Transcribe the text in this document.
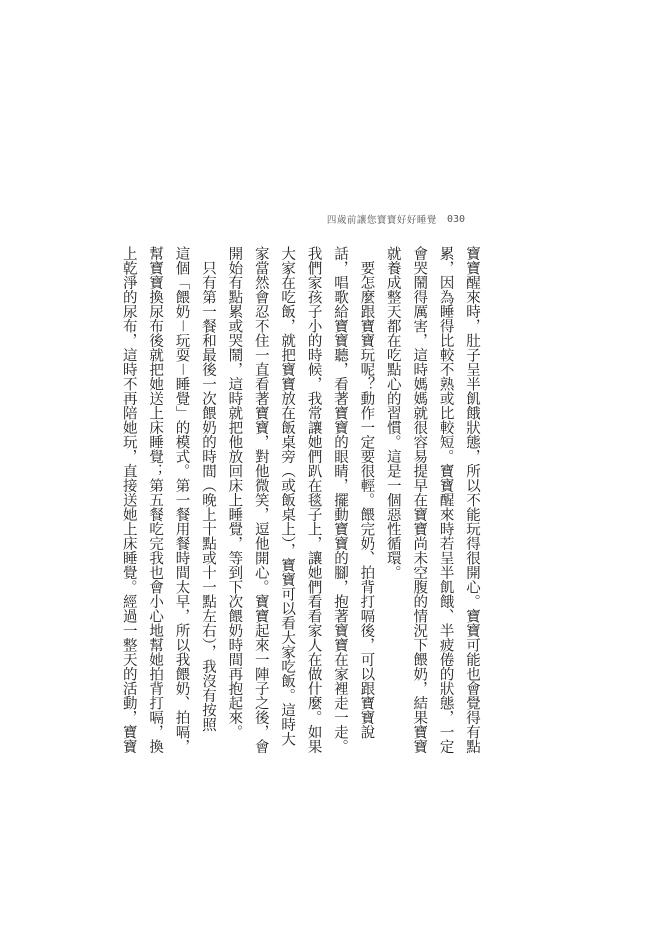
四歲前讓您寶寶好好睡覺 030
寶寶醒來時，肚子呈半飢餓狀態，所以不能玩得很開心。寶寶可能也會覺得有點
累，因為睡得比較不熟或比較短。寶寶醒來時若呈半飢餓、半疲倦的狀態，一定
會哭鬧得厲害，這時媽媽就很容易提早在寶寶尚未空腹的情況下餵奶，結果寶寶
就養成整天都在吃點心的習慣。這是一個惡性循環。
　要怎麼跟寶寶玩呢？動作一定要很輕。餵完奶、拍背打嗝後，可以跟寶寶說
話，唱歌給寶寶聽，看著寶寶的眼睛，擺動寶寶的腳，抱著寶寶在家裡走一走。
我們家孩子小的時候，我常讓她們趴在毯子上，讓她們看看家人在做什麼。如果
大家在吃飯，就把寶寶放在飯桌旁（或飯桌上），寶寶可以看大家吃飯。這時大
家當然會忍不住一直看著寶寶，對他微笑，逗他開心。寶寶起來一陣子之後，會
開始有點累或哭鬧，這時就把他放回床上睡覺，等到下次餵奶時間再抱起來。
　只有第一餐和最後一次餵奶的時間（晚上十點或十一點左右），我沒有按照
這個「餵奶－玩耍－睡覺」的模式。第一餐用餐時間太早，所以我餵奶、拍嗝，
幫寶寶換尿布後就把她送上床睡覺；第五餐吃完我也會小心地幫她拍背打嗝，換
上乾淨的尿布，這時不再陪她玩，直接送她上床睡覺。經過一整天的活動，寶寶
